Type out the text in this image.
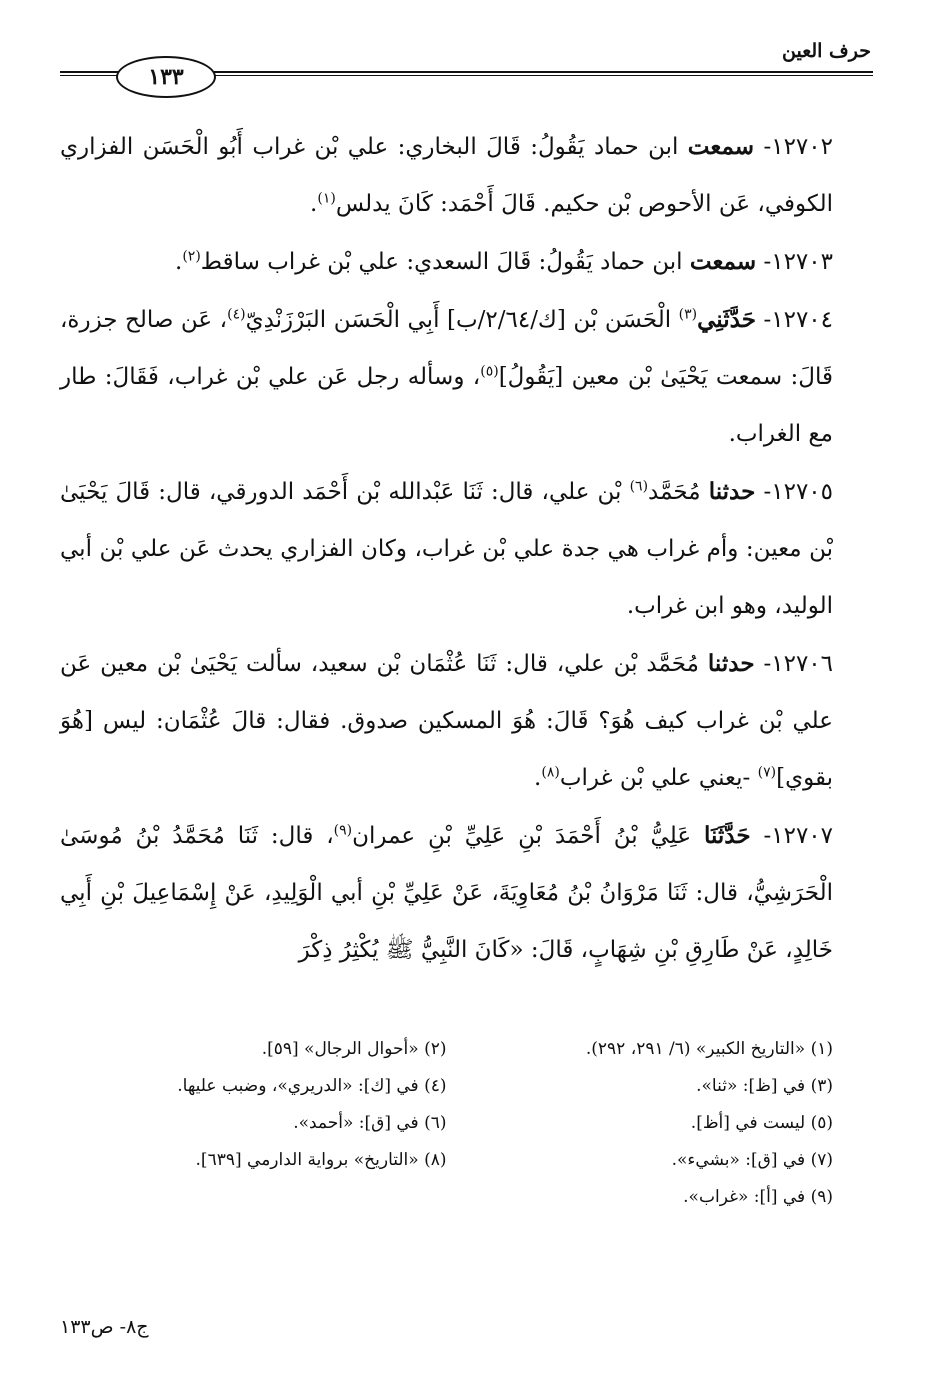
حرف العين
١٣٣

١٢٧٠٢- سمعت ابن حماد يَقُولُ: قَالَ البخاري: علي بْن غراب أَبُو الْحَسَن الفزاري الكوفي، عَن الأحوص بْن حكيم. قَالَ أَحْمَد: كَانَ يدلس$^{(١)}$.

١٢٧٠٣- سمعت ابن حماد يَقُولُ: قَالَ السعدي: علي بْن غراب ساقط$^{(٢)}$.

١٢٧٠٤- حَدَّثَنِي$^{(٣)}$ الْحَسَن بْن [ك/٢/٦٤/ب] أَبِي الْحَسَن البَرْزَنْدِيّ$^{(٤)}$، عَن صالح جزرة، قَالَ: سمعت يَحْيَىٰ بْن معين [يَقُولُ]$^{(٥)}$، وسأله رجل عَن علي بْن غراب، فَقَالَ: طار مع الغراب.

١٢٧٠٥- حدثنا مُحَمَّد$^{(٦)}$ بْن علي، قال: ثَنَا عَبْدالله بْن أَحْمَد الدورقي، قال: قَالَ يَحْيَىٰ بْن معين: وأم غراب هي جدة علي بْن غراب، وكان الفزاري يحدث عَن علي بْن أبي الوليد، وهو ابن غراب.

١٢٧٠٦- حدثنا مُحَمَّد بْن علي، قال: ثَنَا عُثْمَان بْن سعيد، سألت يَحْيَىٰ بْن معين عَن علي بْن غراب كيف هُوَ؟ قَالَ: هُوَ المسكين صدوق. فقال: قالَ عُثْمَان: ليس [هُوَ بقوي]$^{(٧)}$ -يعني علي بْن غراب$^{(٨)}$.

١٢٧٠٧- حَدَّثَنَا عَلِيُّ بْنُ أَحْمَدَ بْنِ عَلِيِّ بْنِ عمران$^{(٩)}$، قال: ثَنَا مُحَمَّدُ بْنُ مُوسَىٰ الْحَرَشِيُّ، قال: ثَنَا مَرْوَانُ بْنُ مُعَاوِيَةَ، عَنْ عَلِيِّ بْنِ أبي الْوَلِيدِ، عَنْ إِسْمَاعِيلَ بْنِ أَبِي خَالِدٍ، عَنْ طَارِقِ بْنِ شِهَابٍ، قَالَ: «كَانَ النَّبِيُّ ﷺ يُكْثِرُ ذِكْرَ

(١) «التاريخ الكبير» (٦/ ٢٩١، ٢٩٢).
(٢) «أحوال الرجال» [٥٩].
(٣) في [ظ]: «ثنا».
(٤) في [ك]: «الدريري»، وضبب عليها.
(٥) ليست في [أظ].
(٦) في [ق]: «أحمد».
(٧) في [ق]: «بشيء».
(٨) «التاريخ» برواية الدارمي [٦٣٩].
(٩) في [أ]: «غراب».
ج٨- ص١٣٣
